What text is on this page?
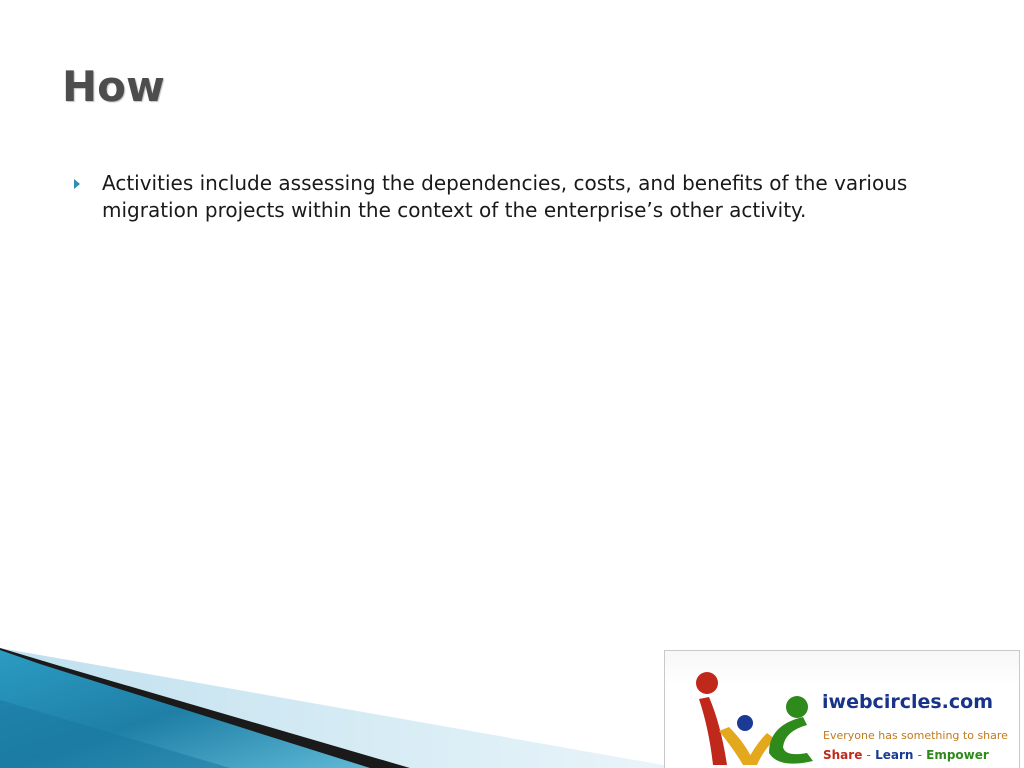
How
Activities include assessing the dependencies, costs, and benefits of the various migration projects within the context of the enterprise’s other activity.
iwebcircles.com
Everyone has something to share
Share - Learn - Empower
